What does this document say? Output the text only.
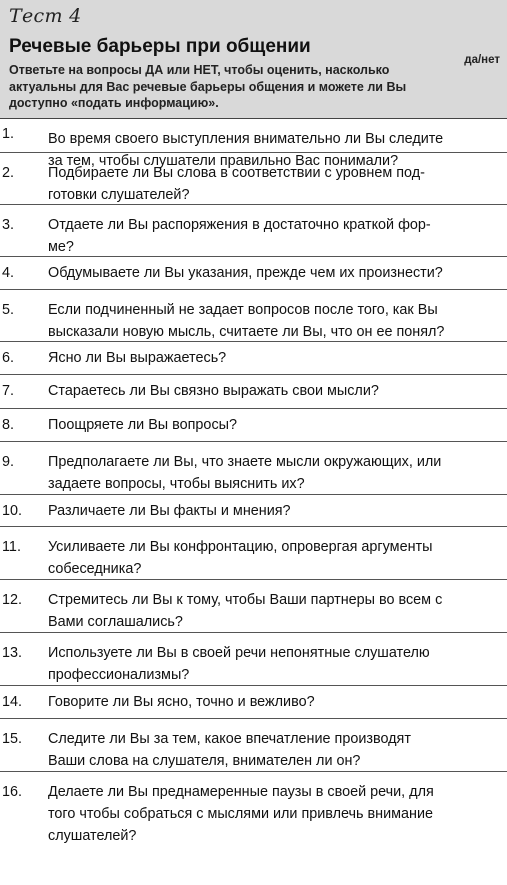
Тест 4
Речевые барьеры при общении
Ответьте на вопросы ДА или НЕТ, чтобы оценить, насколько актуальны для Вас речевые барьеры общения и можете ли Вы доступно «подать информацию».
да/нет
1. Во время своего выступления внимательно ли Вы следите
за тем, чтобы слушатели правильно Вас понимали?
2. Подбираете ли Вы слова в соответствии с уровнем под-
готовки слушателей?
3. Отдаете ли Вы распоряжения в достаточно краткой фор-
ме?
4. Обдумываете ли Вы указания, прежде чем их произнести?
5. Если подчиненный не задает вопросов после того, как Вы
высказали новую мысль, считаете ли Вы, что он ее понял?
6. Ясно ли Вы выражаетесь?
7. Стараетесь ли Вы связно выражать свои мысли?
8. Поощряете ли Вы вопросы?
9. Предполагаете ли Вы, что знаете мысли окружающих, или
задаете вопросы, чтобы выяснить их?
10. Различаете ли Вы факты и мнения?
11. Усиливаете ли Вы конфронтацию, опровергая аргументы
собеседника?
12. Стремитесь ли Вы к тому, чтобы Ваши партнеры во всем с
Вами соглашались?
13. Используете ли Вы в своей речи непонятные слушателю
профессионализмы?
14. Говорите ли Вы ясно, точно и вежливо?
15. Следите ли Вы за тем, какое впечатление производят
Ваши слова на слушателя, внимателен ли он?
16. Делаете ли Вы преднамеренные паузы в своей речи, для
того чтобы собраться с мыслями или привлечь внимание
слушателей?
